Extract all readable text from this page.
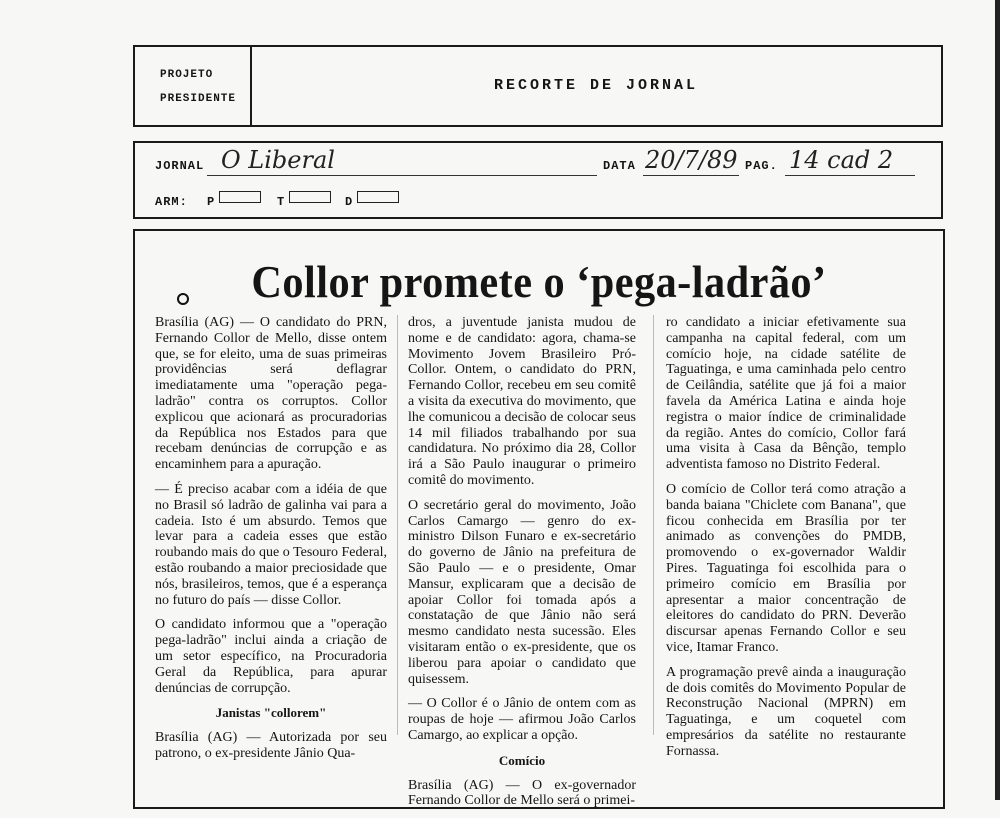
PROJETO
PRESIDENTE
RECORTE DE JORNAL
JORNAL O Liberal	DATA 20/7/89 PAG. 14 cad 2
ARM: P	T	D
Collor promete o ‘pega-ladrão’

Brasília (AG) — O candidato do PRN, Fernando Collor de Mello, disse ontem que, se for eleito, uma de suas primeiras providências será deflagrar imediatamente uma "operação pega-ladrão" contra os corruptos. Collor explicou que acionará as procuradorias da República nos Estados para que recebam denúncias de corrupção e as encaminhem para a apuração.

— É preciso acabar com a idéia de que no Brasil só ladrão de galinha vai para a cadeia. Isto é um absurdo. Temos que levar para a cadeia esses que estão roubando mais do que o Tesouro Federal, estão roubando a maior preciosidade que nós, brasileiros, temos, que é a esperança no futuro do país — disse Collor.

O candidato informou que a "operação pega-ladrão" inclui ainda a criação de um setor específico, na Procuradoria Geral da República, para apurar denúncias de corrupção.

Janistas "collorem"

Brasília (AG) — Autorizada por seu patrono, o ex-presidente Jânio Qua-

dros, a juventude janista mudou de nome e de candidato: agora, chama-se Movimento Jovem Brasileiro Pró-Collor. Ontem, o candidato do PRN, Fernando Collor, recebeu em seu comitê a visita da executiva do movimento, que lhe comunicou a decisão de colocar seus 14 mil filiados trabalhando por sua candidatura. No próximo dia 28, Collor irá a São Paulo inaugurar o primeiro comitê do movimento.

O secretário geral do movimento, João Carlos Camargo — genro do ex-ministro Dilson Funaro e ex-secretário do governo de Jânio na prefeitura de São Paulo — e o presidente, Omar Mansur, explicaram que a decisão de apoiar Collor foi tomada após a constatação de que Jânio não será mesmo candidato nesta sucessão. Eles visitaram então o ex-presidente, que os liberou para apoiar o candidato que quisessem.

— O Collor é o Jânio de ontem com as roupas de hoje — afirmou João Carlos Camargo, ao explicar a opção.

Comício

Brasília (AG) — O ex-governador Fernando Collor de Mello será o primei-

ro candidato a iniciar efetivamente sua campanha na capital federal, com um comício hoje, na cidade satélite de Taguatinga, e uma caminhada pelo centro de Ceilândia, satélite que já foi a maior favela da América Latina e ainda hoje registra o maior índice de criminalidade da região. Antes do comício, Collor fará uma visita à Casa da Bênção, templo adventista famoso no Distrito Federal.

O comício de Collor terá como atração a banda baiana "Chiclete com Banana", que ficou conhecida em Brasília por ter animado as convenções do PMDB, promovendo o ex-governador Waldir Pires. Taguatinga foi escolhida para o primeiro comício em Brasília por apresentar a maior concentração de eleitores do candidato do PRN. Deverão discursar apenas Fernando Collor e seu vice, Itamar Franco.

A programação prevê ainda a inauguração de dois comitês do Movimento Popular de Reconstrução Nacional (MPRN) em Taguatinga, e um coquetel com empresários da satélite no restaurante Fornassa.
